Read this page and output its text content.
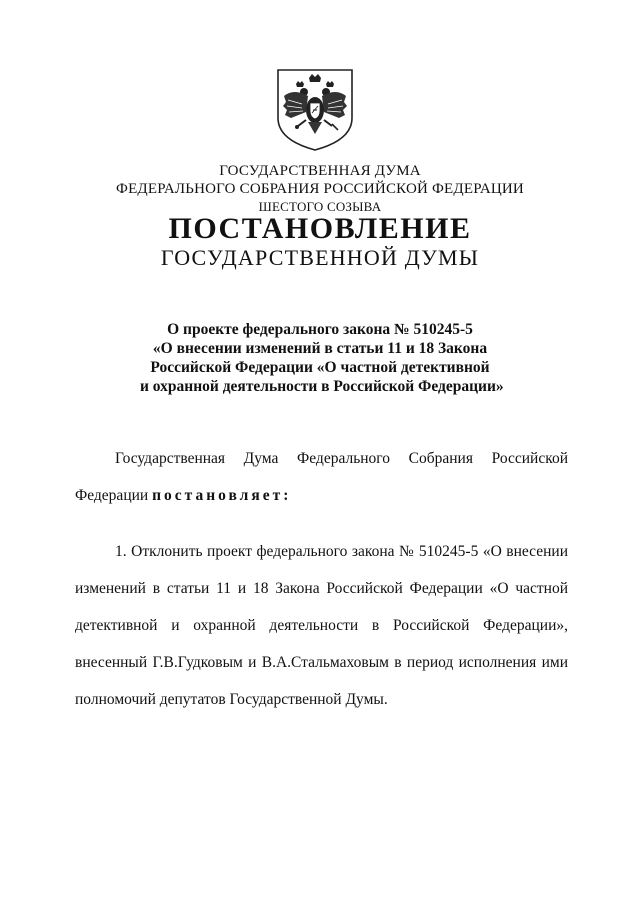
ГОСУДАРСТВЕННАЯ ДУМА
ФЕДЕРАЛЬНОГО СОБРАНИЯ РОССИЙСКОЙ ФЕДЕРАЦИИ
ШЕСТОГО СОЗЫВА
ПОСТАНОВЛЕНИЕ
ГОСУДАРСТВЕННОЙ ДУМЫ
О проекте федерального закона № 510245-5
«О внесении изменений в статьи 11 и 18 Закона
Российской Федерации «О частной детективной
и охранной деятельности в Российской Федерации»
Государственная Дума Федерального Собрания Российской
Федерации постановляет:
1. Отклонить проект федерального закона № 510245-5 «О внесении
изменений в статьи 11 и 18 Закона Российской Федерации «О частной
детективной и охранной деятельности в Российской Федерации»,
внесенный Г.В.Гудковым и В.А.Стальмаховым в период исполнения ими
полномочий депутатов Государственной Думы.
